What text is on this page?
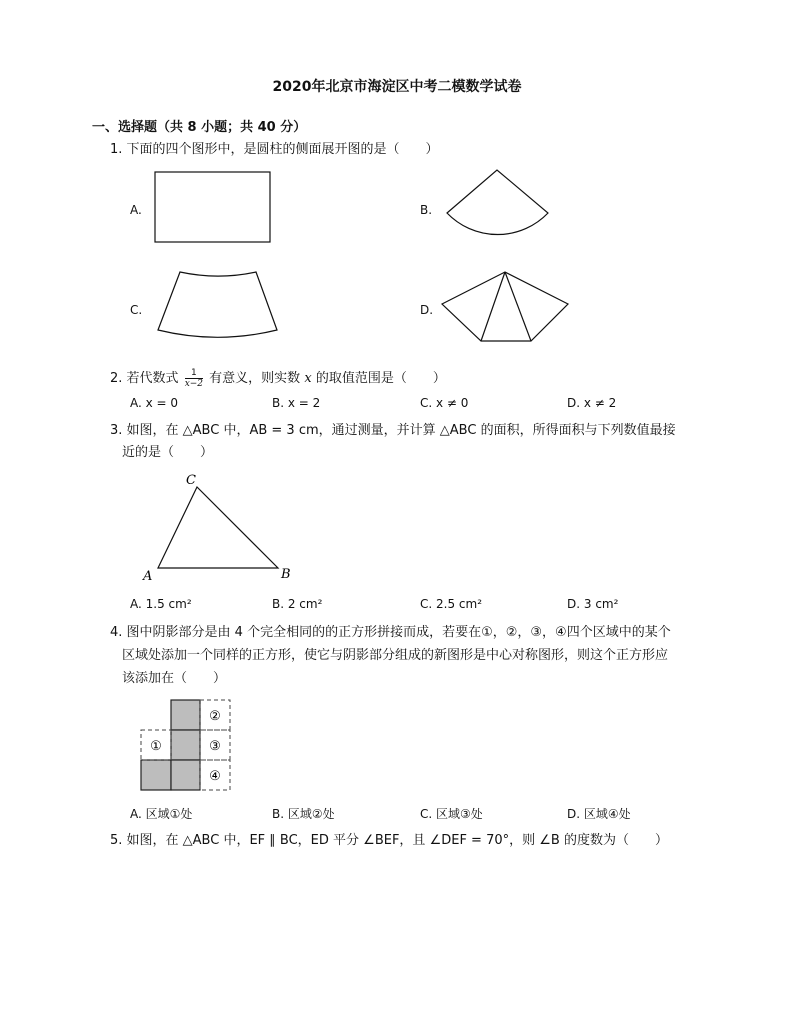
2020年北京市海淀区中考二模数学试卷
一、选择题（共 8 小题；共 40 分）
1. 下面的四个图形中，是圆柱的侧面展开图的是（　　）
A.	B.
C.	D.
2. 若代数式 $\frac{1}{x-2}$ 有意义，则实数 x 的取值范围是（　　）
A. x = 0	B. x = 2	C. x ≠ 0	D. x ≠ 2
3. 如图，在 △ABC 中，AB = 3 cm，通过测量，并计算 △ABC 的面积，所得面积与下列数值最接
近的是（　　）
C
A	B
A. 1.5 cm²	B. 2 cm²	C. 2.5 cm²	D. 3 cm²
4. 图中阴影部分是由 4 个完全相同的的正方形拼接而成，若要在①，②，③，④四个区域中的某个
区域处添加一个同样的正方形，使它与阴影部分组成的新图形是中心对称图形，则这个正方形应
该添加在（　　）
①
②
③
④
A. 区域①处	B. 区域②处	C. 区域③处	D. 区域④处
5. 如图，在 △ABC 中，EF ∥ BC，ED 平分 ∠BEF，且 ∠DEF = 70°，则 ∠B 的度数为（　　）
